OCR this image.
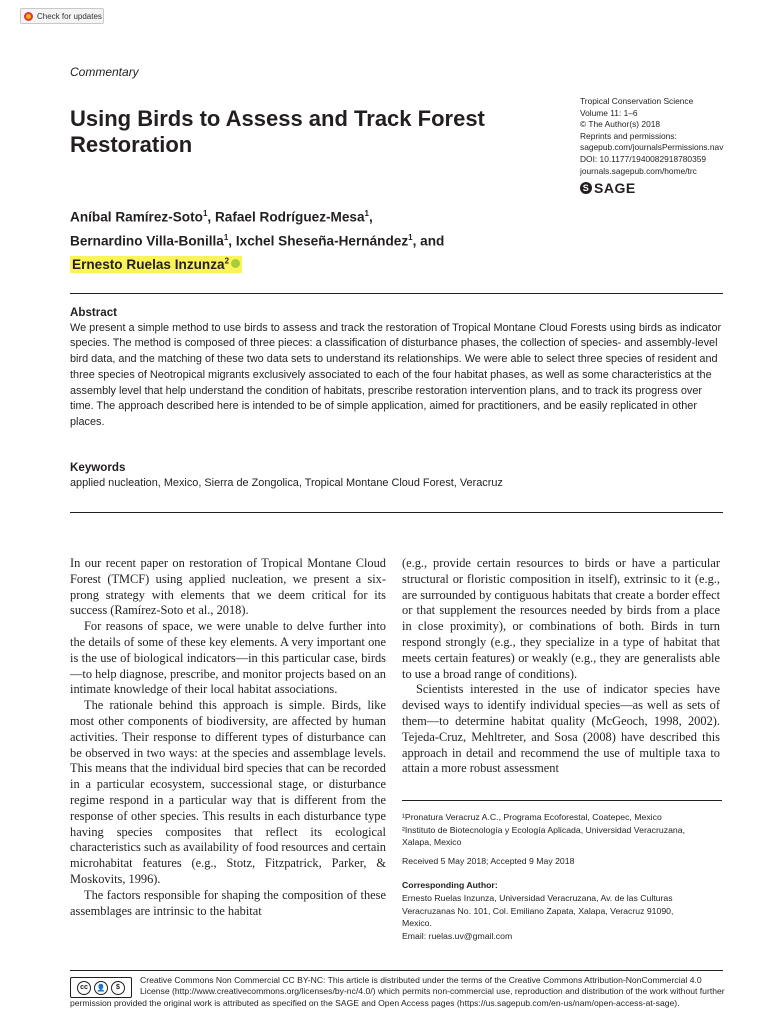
Check for updates
Commentary
Using Birds to Assess and Track Forest Restoration
Tropical Conservation Science
Volume 11: 1–6
© The Author(s) 2018
Reprints and permissions:
sagepub.com/journalsPermissions.nav
DOI: 10.1177/1940082918780359
journals.sagepub.com/home/trc
S SAGE
Aníbal Ramírez-Soto$^1$, Rafael Rodríguez-Mesa$^1$,
Bernardino Villa-Bonilla$^1$, Ixchel Sheseña-Hernández$^1$, and
Ernesto Ruelas Inzunza$^2$
Abstract
We present a simple method to use birds to assess and track the restoration of Tropical Montane Cloud Forests using birds as indicator species. The method is composed of three pieces: a classification of disturbance phases, the collection of species- and assembly-level bird data, and the matching of these two data sets to understand its relationships. We were able to select three species of resident and three species of Neotropical migrants exclusively associated to each of the four habitat phases, as well as some characteristics at the assembly level that help understand the condition of habitats, prescribe restoration intervention plans, and to track its progress over time. The approach described here is intended to be of simple application, aimed for practitioners, and be easily replicated in other places.
Keywords
applied nucleation, Mexico, Sierra de Zongolica, Tropical Montane Cloud Forest, Veracruz

In our recent paper on restoration of Tropical Montane Cloud Forest (TMCF) using applied nucleation, we present a six-prong strategy with elements that we deem critical for its success (Ramírez-Soto et al., 2018).

For reasons of space, we were unable to delve further into the details of some of these key elements. A very important one is the use of biological indicators—in this particular case, birds—to help diagnose, prescribe, and monitor projects based on an intimate knowledge of their local habitat associations.

The rationale behind this approach is simple. Birds, like most other components of biodiversity, are affected by human activities. Their response to different types of disturbance can be observed in two ways: at the species and assemblage levels. This means that the individual bird species that can be recorded in a particular ecosystem, successional stage, or disturbance regime respond in a particular way that is different from the response of other species. This results in each disturbance type having species composites that reflect its ecological characteristics such as availability of food resources and certain microhabitat features (e.g., Stotz, Fitzpatrick, Parker, & Moskovits, 1996).

The factors responsible for shaping the composition of these assemblages are intrinsic to the habitat

(e.g., provide certain resources to birds or have a particular structural or floristic composition in itself), extrinsic to it (e.g., are surrounded by contiguous habitats that create a border effect or that supplement the resources needed by birds from a place in close proximity), or combinations of both. Birds in turn respond strongly (e.g., they specialize in a type of habitat that meets certain features) or weakly (e.g., they are generalists able to use a broad range of conditions).

Scientists interested in the use of indicator species have devised ways to identify individual species—as well as sets of them—to determine habitat quality (McGeoch, 1998, 2002). Tejeda-Cruz, Mehltreter, and Sosa (2008) have described this approach in detail and recommend the use of multiple taxa to attain a more robust assessment

¹Pronatura Veracruz A.C., Programa Ecoforestal, Coatepec, Mexico
²Instituto de Biotecnología y Ecología Aplicada, Universidad Veracruzana,
Xalapa, Mexico
Received 5 May 2018; Accepted 9 May 2018
Corresponding Author:
Ernesto Ruelas Inzunza, Universidad Veracruzana, Av. de las Culturas
Veracruzanas No. 101, Col. Emiliano Zapata, Xalapa, Veracruz 91090,
Mexico.
Email: ruelas.uv@gmail.com
Creative Commons Non Commercial CC BY-NC: This article is distributed under the terms of the Creative Commons Attribution-NonCommercial 4.0
License (http://www.creativecommons.org/licenses/by-nc/4.0/) which permits non-commercial use, reproduction and distribution of the work without further
permission provided the original work is attributed as specified on the SAGE and Open Access pages (https://us.sagepub.com/en-us/nam/open-access-at-sage).
cc	👤	$
